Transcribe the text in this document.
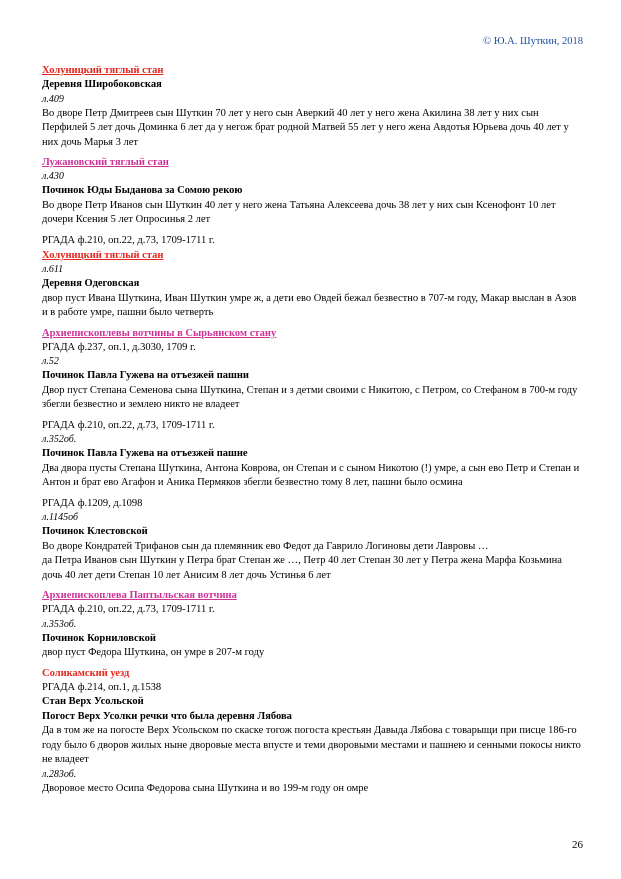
© Ю.А. Шуткин, 2018
Холуницкий тяглый стан
Деревня Широбоковская
л.409
Во дворе Петр Дмитреев сын Шуткин 70 лет у него сын Аверкий 40 лет у него жена Акилина 38 лет у них сын Перфилей 5 лет дочь Доминка 6 лет да у негож брат родной Матвей 55 лет у него жена Авдотья Юрьева дочь 40 лет у них дочь Марья 3 лет
Лужановский тяглый стан
л.430
Починок Юды Быданова за Сомою рекою
Во дворе Петр Иванов сын Шуткин 40 лет у него жена Татьяна Алексеева дочь 38 лет у них сын Ксенофонт 10 лет дочери Ксения 5 лет Опросинья 2 лет
РГАДА ф.210, оп.22, д.73, 1709-1711 г.
Холуницкий тяглый стан
л.611
Деревня Одеговская
двор пуст Ивана Шуткина, Иван Шуткин умре ж, а дети ево Овдей бежал безвестно в 707-м году, Макар выслан в Азов и в работе умре, пашни было четверть
Архиепископлевы вотчины в Сырьянском стану
РГАДА ф.237, оп.1, д.3030, 1709 г.
л.52
Починок Павла Гужева на отъезжей пашни
Двор пуст Степана Семенова сына Шуткина, Степан и з детми своими с Никитою, с Петром, со Стефаном в 700-м году збегли безвестно и землею никто не владеет
РГАДА ф.210, оп.22, д.73, 1709-1711 г.
л.352об.
Починок Павла Гужева на отъезжей пашне
Два двора пусты Степана Шуткина, Антона Коврова, он Степан и с сыном Никотою (!) умре, а сын ево Петр и Степан и Антон и брат ево Агафон и Аника Пермяков збегли безвестно тому 8 лет, пашни было осмина
РГАДА ф.1209, д.1098
л.1145об
Починок Клестовской
Во дворе Кондратей Трифанов сын да племянник ево Федот да Гаврило Логиновы дети Лавровы …
да Петра Иванов сын Шуткин у Петра брат Степан же …, Петр 40 лет Степан 30 лет у Петра жена Марфа Козьмина дочь 40 лет дети Степан 10 лет Анисим 8 лет дочь Устинья 6 лет
Архиепископлева Паптыльская вотчина
РГАДА ф.210, оп.22, д.73, 1709-1711 г.
л.353об.
Починок Корниловской
двор пуст Федора Шуткина, он умре в 207-м году
Соликамский уезд
РГАДА ф.214, оп.1, д.1538
Стан Верх Усольской
Погост Верх Усолки речки что была деревня Лябова
Да в том же на погосте Верх Усольском по скаске тогож погоста крестьян Давыда Лябова с товарыщи при писце 186-го году было 6 дворов жилых ныне дворовые места впусте и теми дворовыми местами и пашнею и сенными покосы никто не владеет
л.283об.
Дворовое место Осипа Федорова сына Шуткина и во 199-м году он омре
26
